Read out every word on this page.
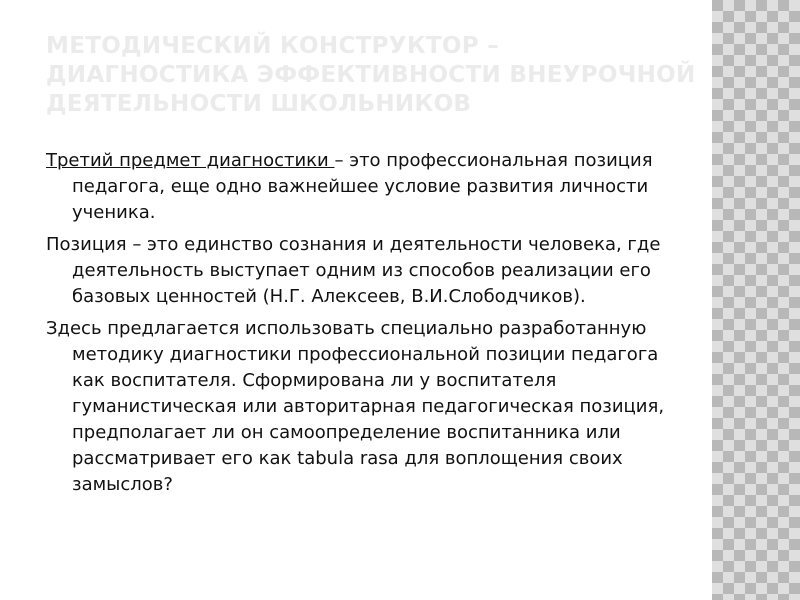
МЕТОДИЧЕСКИЙ КОНСТРУКТОР – ДИАГНОСТИКА ЭФФЕКТИВНОСТИ ВНЕУРОЧНОЙ ДЕЯТЕЛЬНОСТИ ШКОЛЬНИКОВ

Третий предмет диагностики – это профессиональная позиция педагога, еще одно важнейшее условие развития личности ученика.

Позиция – это единство сознания и деятельности человека, где деятельность выступает одним из способов реализации его базовых ценностей (Н.Г. Алексеев, В.И.Слободчиков).

Здесь предлагается использовать специально разработанную методику диагностики профессиональной позиции педагога как воспитателя. Сформирована ли у воспитателя гуманистическая или авторитарная педагогическая позиция, предполагает ли он самоопределение воспитанника или рассматривает его как tabula rasa для воплощения своих замыслов?
